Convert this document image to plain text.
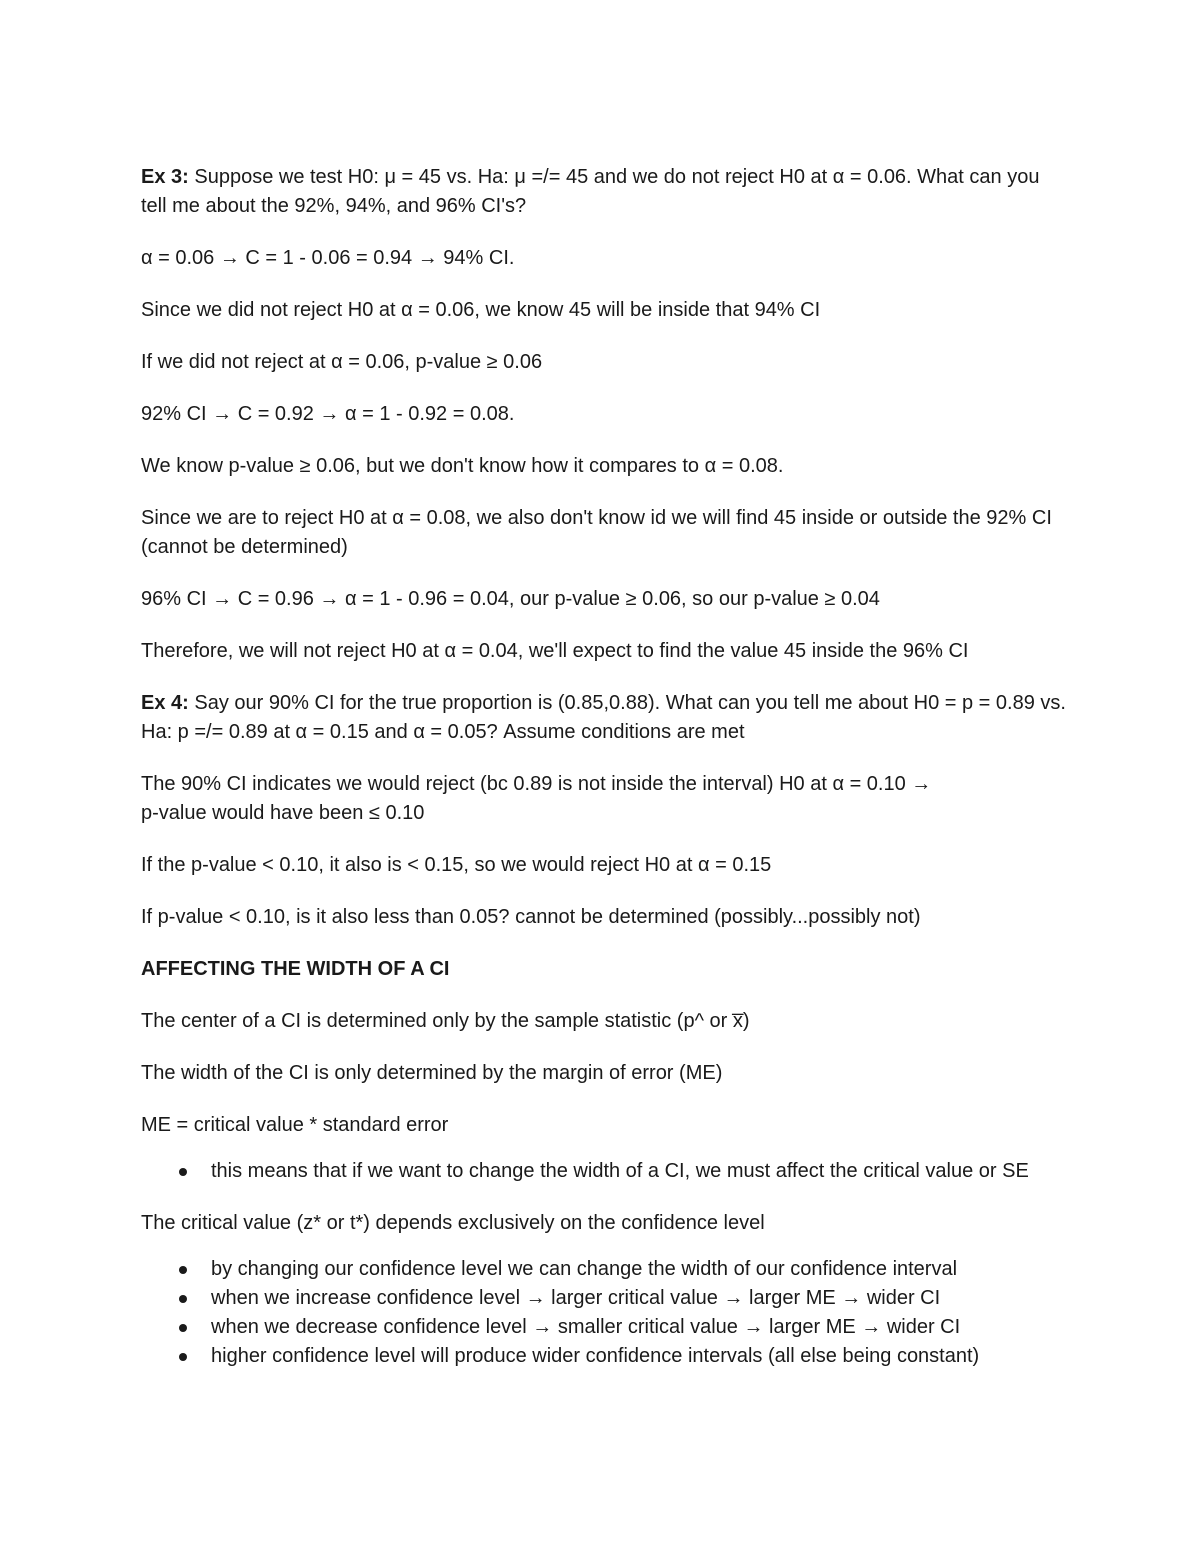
Ex 3: Suppose we test H0: μ = 45 vs. Ha: μ =/= 45 and we do not reject H0 at α = 0.06. What can you tell me about the 92%, 94%, and 96% CI's?

α = 0.06 → C = 1 - 0.06 = 0.94 → 94% CI.

Since we did not reject H0 at α = 0.06, we know 45 will be inside that 94% CI

If we did not reject at α = 0.06, p-value ≥ 0.06

92% CI → C = 0.92 → α = 1 - 0.92 = 0.08.

We know p-value ≥ 0.06, but we don't know how it compares to α = 0.08.

Since we are to reject H0 at α = 0.08, we also don't know id we will find 45 inside or outside the 92% CI (cannot be determined)

96% CI → C = 0.96 → α = 1 - 0.96 = 0.04, our p-value ≥ 0.06, so our p-value ≥ 0.04

Therefore, we will not reject H0 at α = 0.04, we'll expect to find the value 45 inside the 96% CI

Ex 4: Say our 90% CI for the true proportion is (0.85,0.88). What can you tell me about H0 = p = 0.89 vs. Ha: p =/= 0.89 at α = 0.15 and α = 0.05? Assume conditions are met

The 90% CI indicates we would reject (bc 0.89 is not inside the interval) H0 at α = 0.10 →
p-value would have been ≤ 0.10

If the p-value < 0.10, it also is < 0.15, so we would reject H0 at α = 0.15

If p-value < 0.10, is it also less than 0.05? cannot be determined (possibly...possibly not)

AFFECTING THE WIDTH OF A CI

The center of a CI is determined only by the sample statistic (p^ or x̅)

The width of the CI is only determined by the margin of error (ME)

ME = critical value * standard error

this means that if we want to change the width of a CI, we must affect the critical value or SE

The critical value (z* or t*) depends exclusively on the confidence level

by changing our confidence level we can change the width of our confidence interval
when we increase confidence level → larger critical value → larger ME → wider CI
when we decrease confidence level → smaller critical value → larger ME → wider CI
higher confidence level will produce wider confidence intervals (all else being constant)
